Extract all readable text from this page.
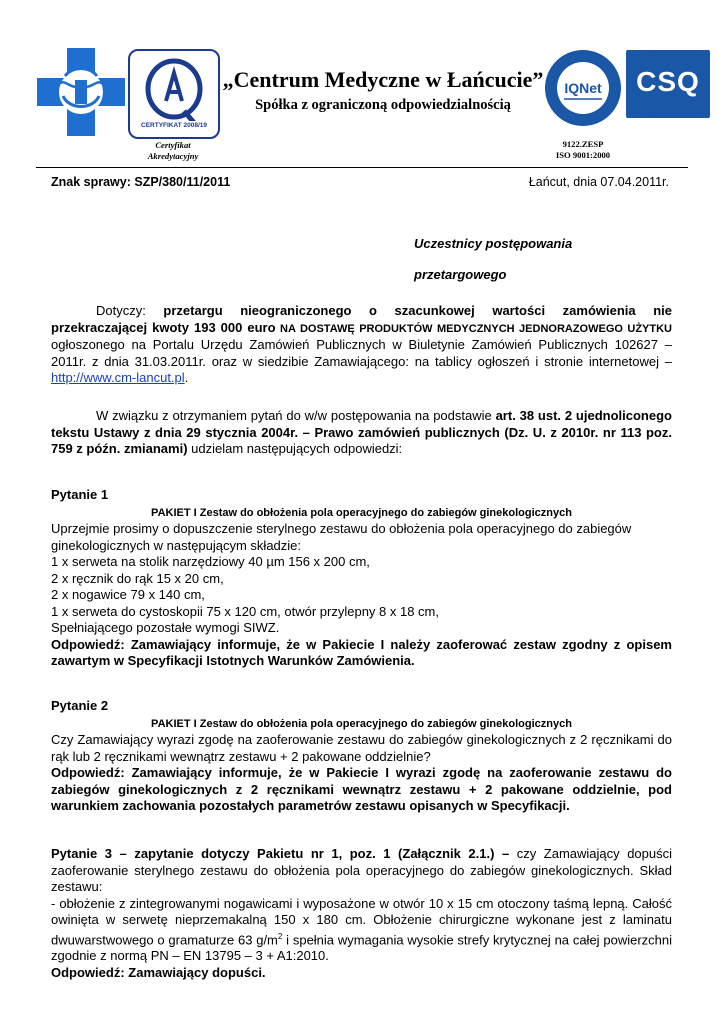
CERTYFIKAT 2008/19
Certyfikat
Akredytacyjny
„Centrum Medyczne w Łańcucie”
Spółka z ograniczoną odpowiedzialnością
IQNet	CSQ
9122.ZESP
ISO 9001:2000
Znak sprawy: SZP/380/11/2011	Łańcut, dnia 07.04.2011r.
Uczestnicy postępowania
przetargowego

Dotyczy: przetargu nieograniczonego o szacunkowej wartości zamówienia nie przekraczającej kwoty 193 000 euro NA DOSTAWĘ PRODUKTÓW MEDYCZNYCH JEDNORAZOWEGO UŻYTKU ogłoszonego na Portalu Urzędu Zamówień Publicznych w Biuletynie Zamówień Publicznych 102627 – 2011r. z dnia 31.03.2011r. oraz w siedzibie Zamawiającego: na tablicy ogłoszeń i stronie internetowej – http://www.cm-lancut.pl.

W związku z otrzymaniem pytań do w/w postępowania na podstawie art. 38 ust. 2 ujednoliconego tekstu Ustawy z dnia 29 stycznia 2004r. – Prawo zamówień publicznych (Dz. U. z 2010r. nr 113 poz. 759 z późn. zmianami) udzielam następujących odpowiedzi:

Pytanie 1
PAKIET I Zestaw do obłożenia pola operacyjnego do zabiegów ginekologicznych
Uprzejmie prosimy o dopuszczenie sterylnego zestawu do obłożenia pola operacyjnego do zabiegów ginekologicznych w następującym składzie:
1 x serweta na stolik narzędziowy 40 µm 156 x 200 cm,
2 x ręcznik do rąk 15 x 20 cm,
2 x nogawice 79 x 140 cm,
1 x serweta do cystoskopii 75 x 120 cm, otwór przylepny 8 x 18 cm,
Spełniającego pozostałe wymogi SIWZ.
Odpowiedź: Zamawiający informuje, że w Pakiecie I należy zaoferować zestaw zgodny z opisem zawartym w Specyfikacji Istotnych Warunków Zamówienia.
Pytanie 2
PAKIET I Zestaw do obłożenia pola operacyjnego do zabiegów ginekologicznych
Czy Zamawiający wyrazi zgodę na zaoferowanie zestawu do zabiegów ginekologicznych z 2 ręcznikami do rąk lub 2 ręcznikami wewnątrz zestawu + 2 pakowane oddzielnie?
Odpowiedź: Zamawiający informuje, że w Pakiecie I wyrazi zgodę na zaoferowanie zestawu do zabiegów ginekologicznych z 2 ręcznikami wewnątrz zestawu + 2 pakowane oddzielnie, pod warunkiem zachowania pozostałych parametrów zestawu opisanych w Specyfikacji.

Pytanie 3 – zapytanie dotyczy Pakietu nr 1, poz. 1 (Załącznik 2.1.) – czy Zamawiający dopuści zaoferowanie sterylnego zestawu do obłożenia pola operacyjnego do zabiegów ginekologicznych. Skład zestawu:

- obłożenie z zintegrowanymi nogawicami i wyposażone w otwór 10 x 15 cm otoczony taśmą lepną. Całość owinięta w serwetę nieprzemakalną 150 x 180 cm. Obłożenie chirurgiczne wykonane jest z laminatu dwuwarstwowego o gramaturze 63 $g/m^2$ i spełnia wymagania wysokie strefy krytycznej na całej powierzchni zgodnie z normą PN – EN 13795 – 3 + A1:2010.

Odpowiedź: Zamawiający dopuści.
